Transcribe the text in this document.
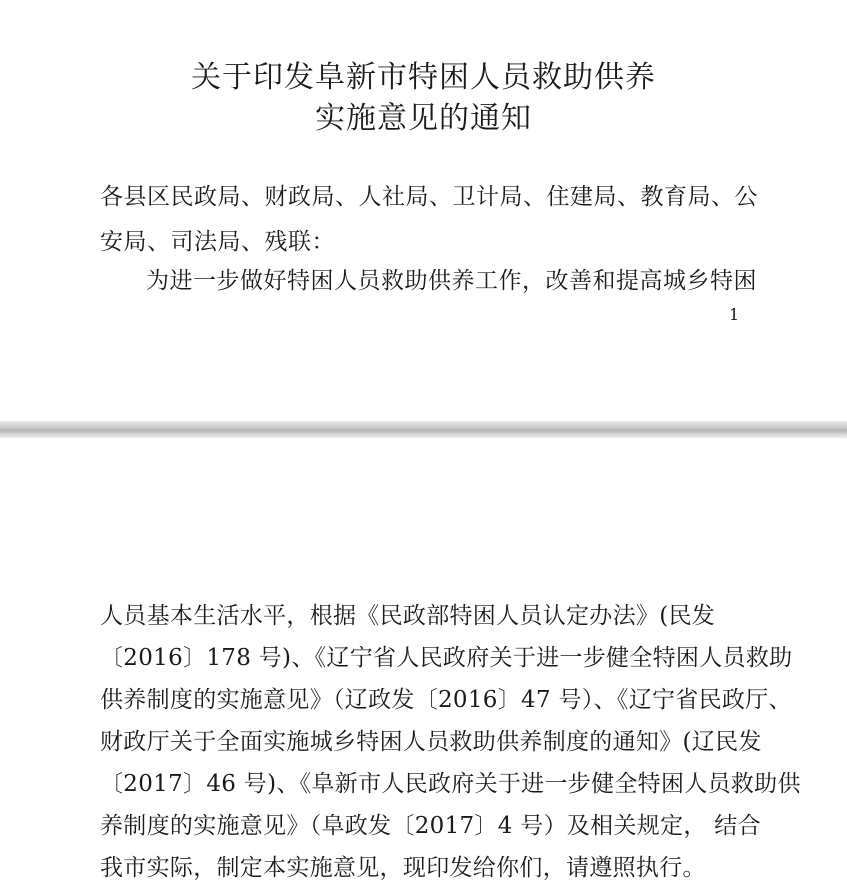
关于印发阜新市特困人员救助供养
实施意见的通知
各县区民政局、财政局、人社局、卫计局、住建局、教育局、公
安局、司法局、残联：
为进一步做好特困人员救助供养工作，改善和提高城乡特困
1
人员基本生活水平，根据《民政部特困人员认定办法》(民发
〔2016〕178 号)、《辽宁省人民政府关于进一步健全特困人员救助
供养制度的实施意见》（辽政发〔2016〕47 号）、《辽宁省民政厅、
财政厅关于全面实施城乡特困人员救助供养制度的通知》(辽民发
〔2017〕46 号)、《阜新市人民政府关于进一步健全特困人员救助供
养制度的实施意见》（阜政发〔2017〕4 号）及相关规定， 结合
我市实际，制定本实施意见，现印发给你们，请遵照执行。
